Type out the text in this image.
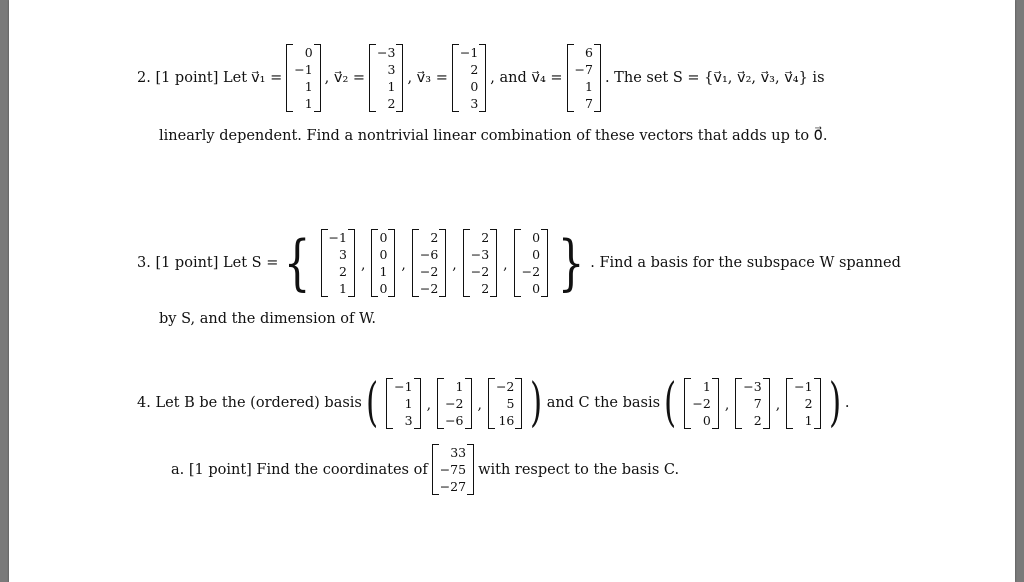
2. [1 point] Let v⃗₁ =
0
−1
1
1
, v⃗₂ =
−3
3
1
2
, v⃗₃ =
−1
2
0
3
, and v⃗₄ =
6
−7
1
7
. The set S = {v⃗₁, v⃗₂, v⃗₃, v⃗₄} is
linearly dependent. Find a nontrivial linear combination of these vectors that adds up to 0⃗.
3. [1 point] Let S = { −1
3
2
1
,
0
0
1
0
,
2
−6
−2
−2
,
2
−3
−2
2
,
0
0
−2
0 } . Find a basis for the subspace W spanned
by S, and the dimension of W.
4. Let B be the (ordered) basis ( −1
1
3
,
1
−2
−6
,
−2
5
16 ) and C the basis ( 1
−2
0
,
−3
7
2
,
−1
2
1 ) .
a. [1 point] Find the coordinates of
33
−75
−27
with respect to the basis C.
